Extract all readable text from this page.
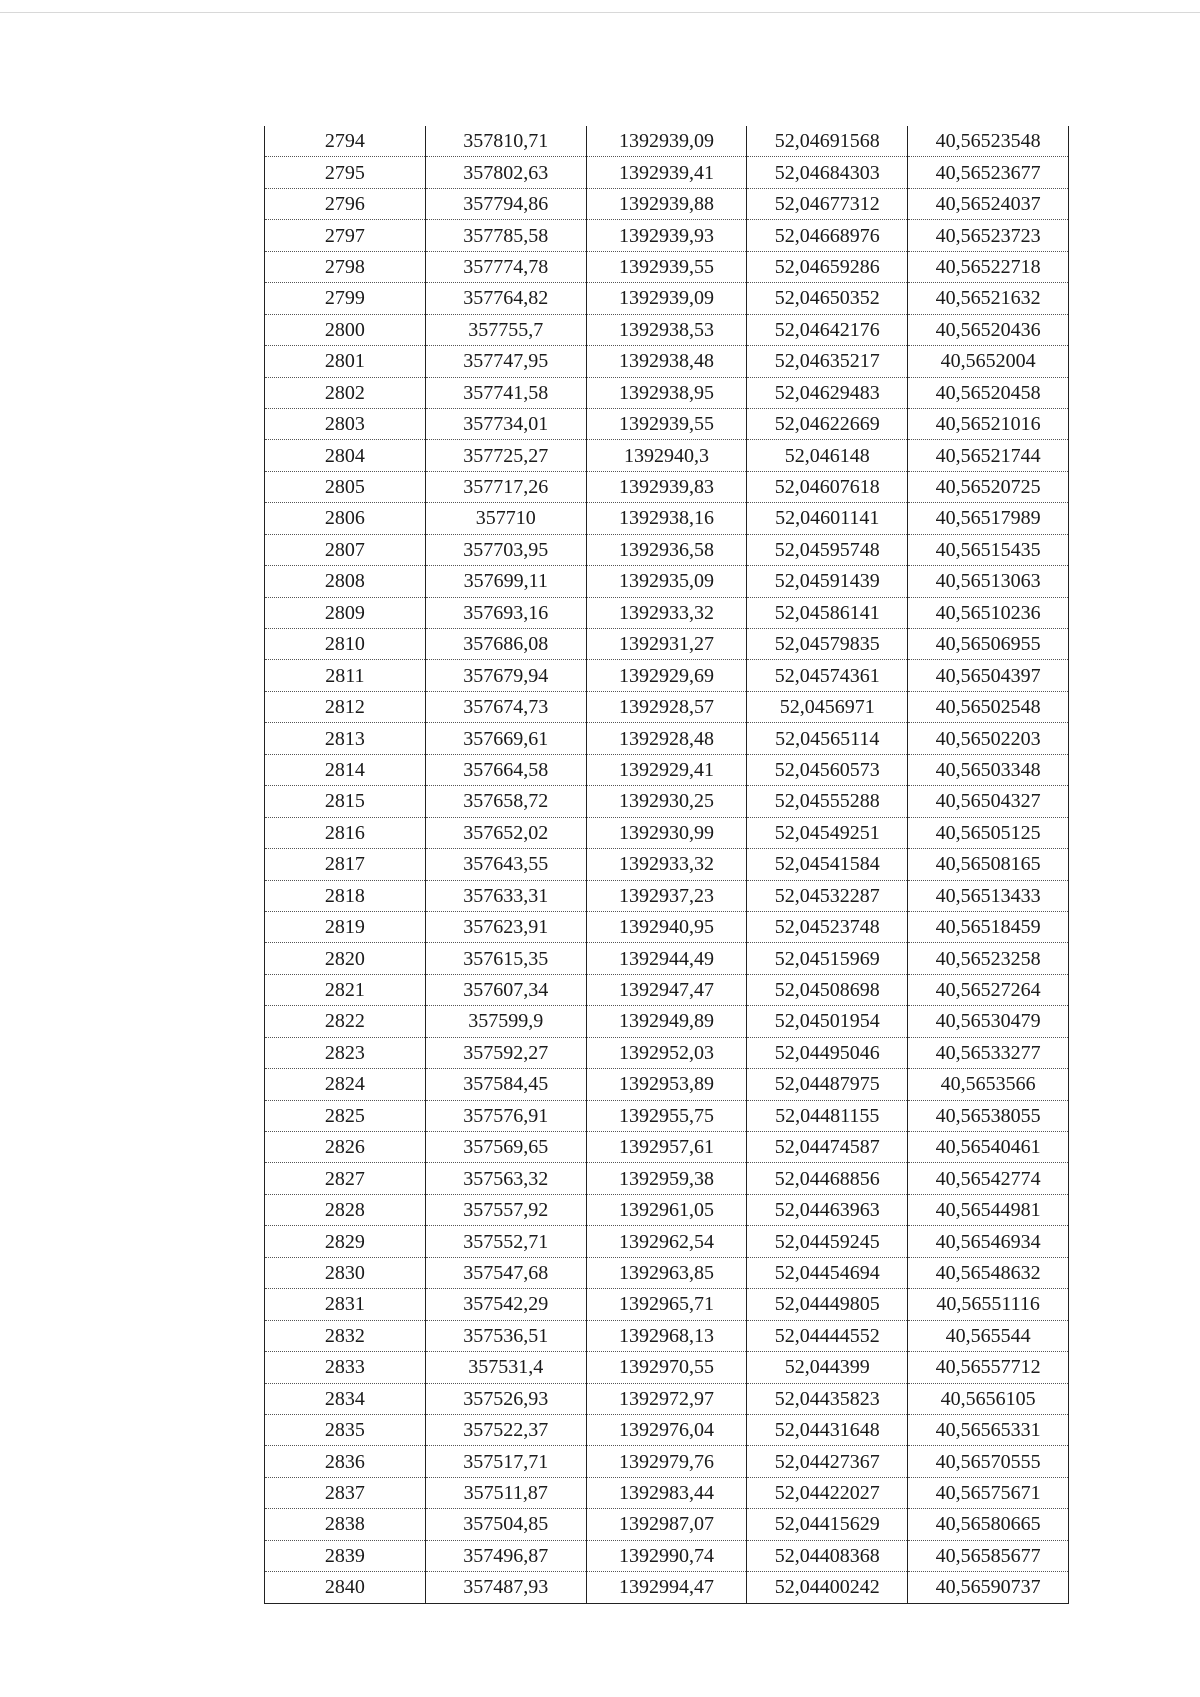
2794	357810,71	1392939,09	52,04691568	40,56523548
2795	357802,63	1392939,41	52,04684303	40,56523677
2796	357794,86	1392939,88	52,04677312	40,56524037
2797	357785,58	1392939,93	52,04668976	40,56523723
2798	357774,78	1392939,55	52,04659286	40,56522718
2799	357764,82	1392939,09	52,04650352	40,56521632
2800	357755,7	1392938,53	52,04642176	40,56520436
2801	357747,95	1392938,48	52,04635217	40,5652004
2802	357741,58	1392938,95	52,04629483	40,56520458
2803	357734,01	1392939,55	52,04622669	40,56521016
2804	357725,27	1392940,3	52,046148	40,56521744
2805	357717,26	1392939,83	52,04607618	40,56520725
2806	357710	1392938,16	52,04601141	40,56517989
2807	357703,95	1392936,58	52,04595748	40,56515435
2808	357699,11	1392935,09	52,04591439	40,56513063
2809	357693,16	1392933,32	52,04586141	40,56510236
2810	357686,08	1392931,27	52,04579835	40,56506955
2811	357679,94	1392929,69	52,04574361	40,56504397
2812	357674,73	1392928,57	52,0456971	40,56502548
2813	357669,61	1392928,48	52,04565114	40,56502203
2814	357664,58	1392929,41	52,04560573	40,56503348
2815	357658,72	1392930,25	52,04555288	40,56504327
2816	357652,02	1392930,99	52,04549251	40,56505125
2817	357643,55	1392933,32	52,04541584	40,56508165
2818	357633,31	1392937,23	52,04532287	40,56513433
2819	357623,91	1392940,95	52,04523748	40,56518459
2820	357615,35	1392944,49	52,04515969	40,56523258
2821	357607,34	1392947,47	52,04508698	40,56527264
2822	357599,9	1392949,89	52,04501954	40,56530479
2823	357592,27	1392952,03	52,04495046	40,56533277
2824	357584,45	1392953,89	52,04487975	40,5653566
2825	357576,91	1392955,75	52,04481155	40,56538055
2826	357569,65	1392957,61	52,04474587	40,56540461
2827	357563,32	1392959,38	52,04468856	40,56542774
2828	357557,92	1392961,05	52,04463963	40,56544981
2829	357552,71	1392962,54	52,04459245	40,56546934
2830	357547,68	1392963,85	52,04454694	40,56548632
2831	357542,29	1392965,71	52,04449805	40,56551116
2832	357536,51	1392968,13	52,04444552	40,565544
2833	357531,4	1392970,55	52,044399	40,56557712
2834	357526,93	1392972,97	52,04435823	40,5656105
2835	357522,37	1392976,04	52,04431648	40,56565331
2836	357517,71	1392979,76	52,04427367	40,56570555
2837	357511,87	1392983,44	52,04422027	40,56575671
2838	357504,85	1392987,07	52,04415629	40,56580665
2839	357496,87	1392990,74	52,04408368	40,56585677
2840	357487,93	1392994,47	52,04400242	40,56590737
